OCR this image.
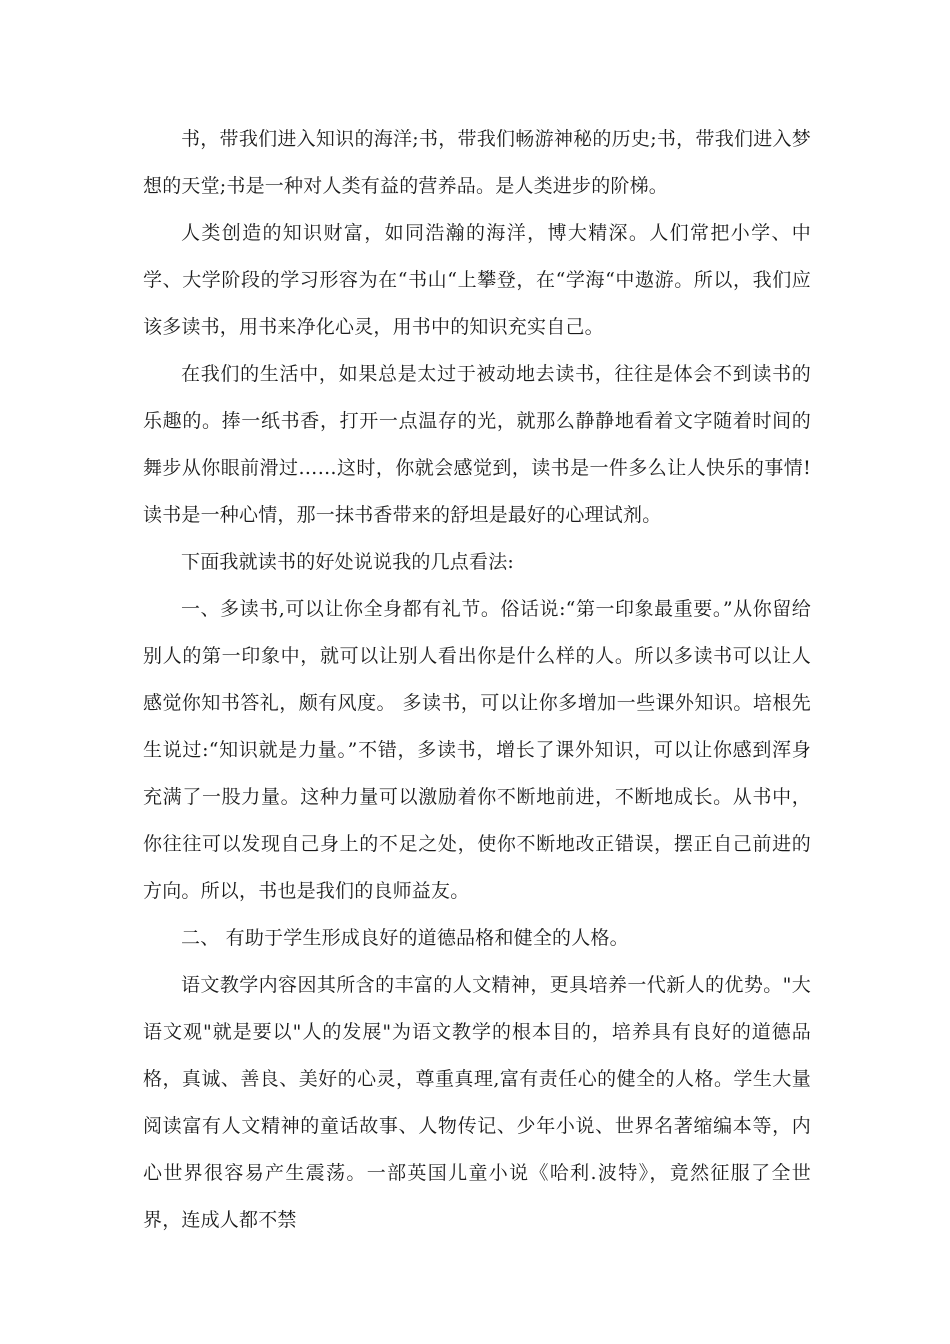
书，带我们进入知识的海洋;书，带我们畅游神秘的历史;书，带我们进入梦想的天堂;书是一种对人类有益的营养品。是人类进步的阶梯。

人类创造的知识财富，如同浩瀚的海洋，博大精深。人们常把小学、中学、大学阶段的学习形容为在“书山“上攀登，在“学海“中遨游。所以，我们应该多读书，用书来净化心灵，用书中的知识充实自己。

在我们的生活中，如果总是太过于被动地去读书，往往是体会不到读书的乐趣的。捧一纸书香，打开一点温存的光，就那么静静地看着文字随着时间的舞步从你眼前滑过……这时，你就会感觉到，读书是一件多么让人快乐的事情!读书是一种心情，那一抹书香带来的舒坦是最好的心理试剂。

下面我就读书的好处说说我的几点看法:

一、多读书,可以让你全身都有礼节。俗话说:“第一印象最重要。”从你留给别人的第一印象中，就可以让别人看出你是什么样的人。所以多读书可以让人感觉你知书答礼，颇有风度。 多读书，可以让你多增加一些课外知识。培根先生说过:“知识就是力量。”不错，多读书，增长了课外知识，可以让你感到浑身充满了一股力量。这种力量可以激励着你不断地前进，不断地成长。从书中，你往往可以发现自己身上的不足之处，使你不断地改正错误，摆正自己前进的方向。所以，书也是我们的良师益友。

二、 有助于学生形成良好的道德品格和健全的人格。

语文教学内容因其所含的丰富的人文精神，更具培养一代新人的优势。"大语文观"就是要以"人的发展"为语文教学的根本目的，培养具有良好的道德品格，真诚、善良、美好的心灵，尊重真理,富有责任心的健全的人格。学生大量阅读富有人文精神的童话故事、人物传记、少年小说、世界名著缩编本等，内心世界很容易产生震荡。一部英国儿童小说《哈利.波特》，竟然征服了全世界，连成人都不禁
